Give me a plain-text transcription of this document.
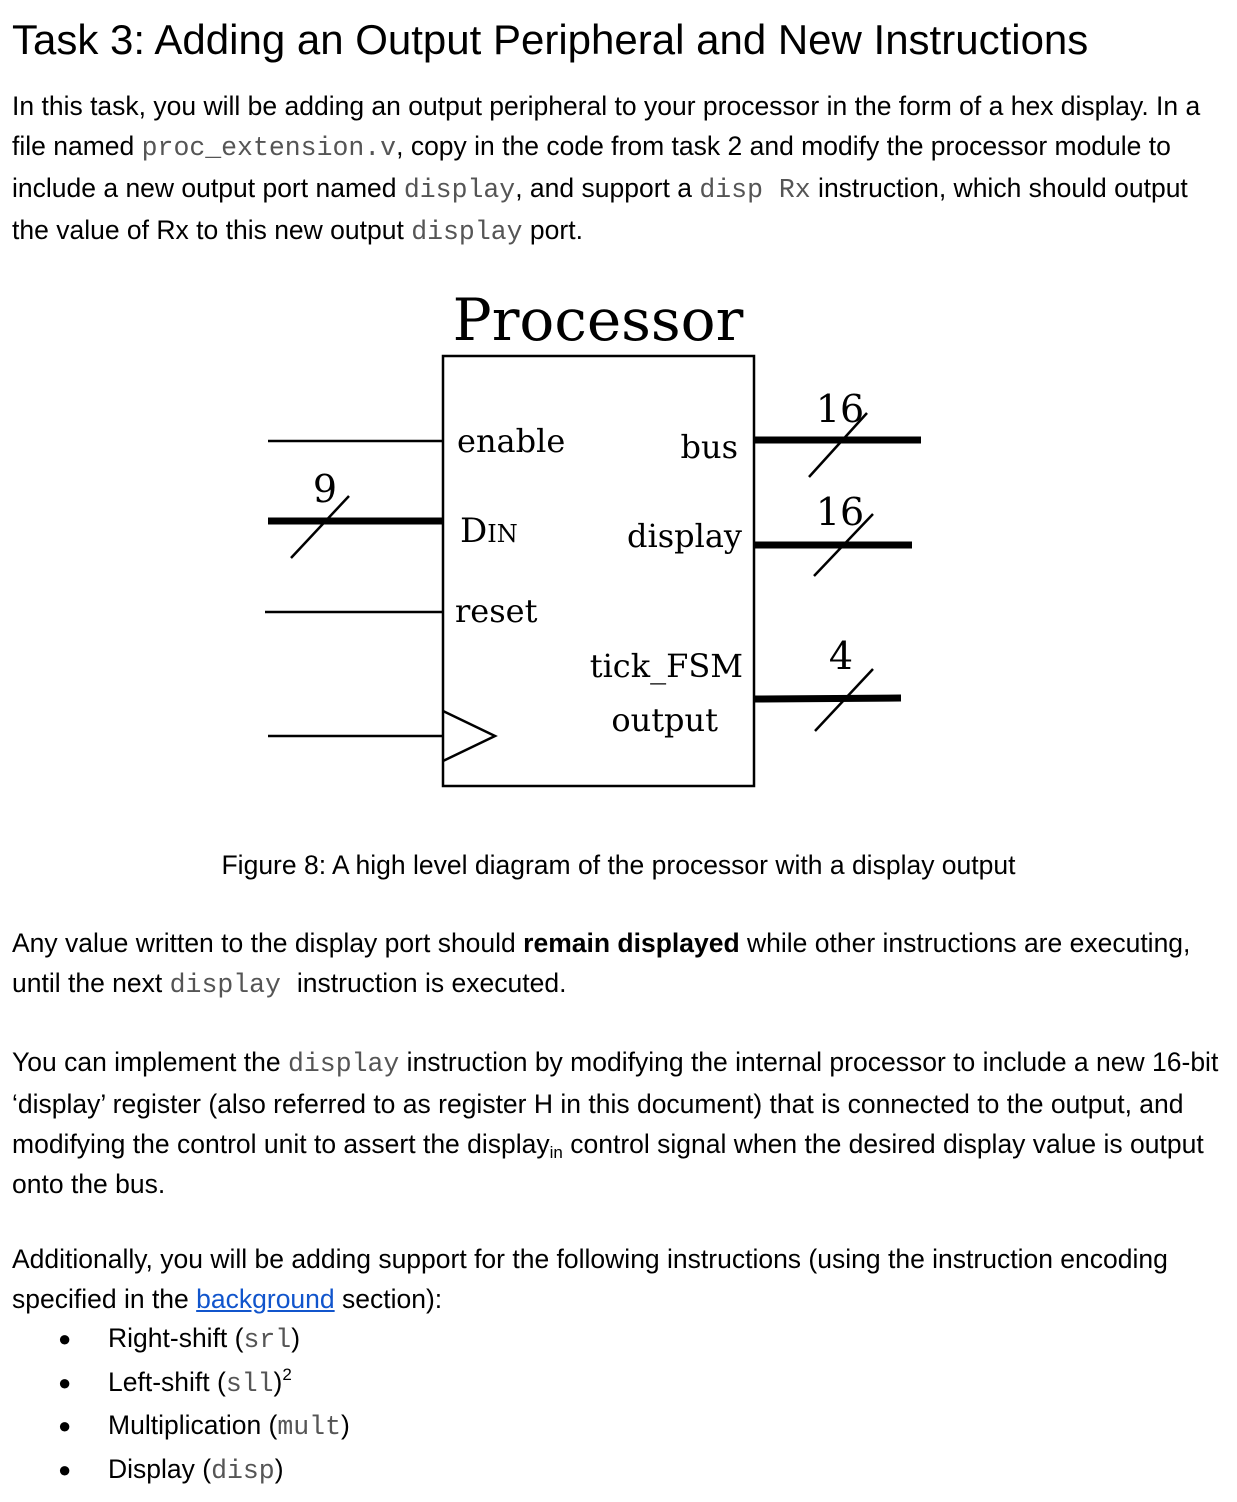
Task 3: Adding an Output Peripheral and New Instructions

In this task, you will be adding an output peripheral to your processor in the form of a hex display. In a file named proc_extension.v, copy in the code from task 2 and modify the processor module to include a new output port named display, and support a disp Rx instruction, which should output the value of Rx to this new output display port.

Processor
enable
9
DIN
reset
bus
16
display
16
tick_FSM
output
4

Figure 8: A high level diagram of the processor with a display output

Any value written to the display port should remain displayed while other instructions are executing, until the next display instruction is executed.

You can implement the display instruction by modifying the internal processor to include a new 16-bit ‘display’ register (also referred to as register H in this document) that is connected to the output, and modifying the control unit to assert the display$_{in}$ control signal when the desired display value is output onto the bus.

Additionally, you will be adding support for the following instructions (using the instruction encoding specified in the background section):

● Right-shift (srl)
● Left-shift (sll)$^2$
● Multiplication (mult)
● Display (disp)
